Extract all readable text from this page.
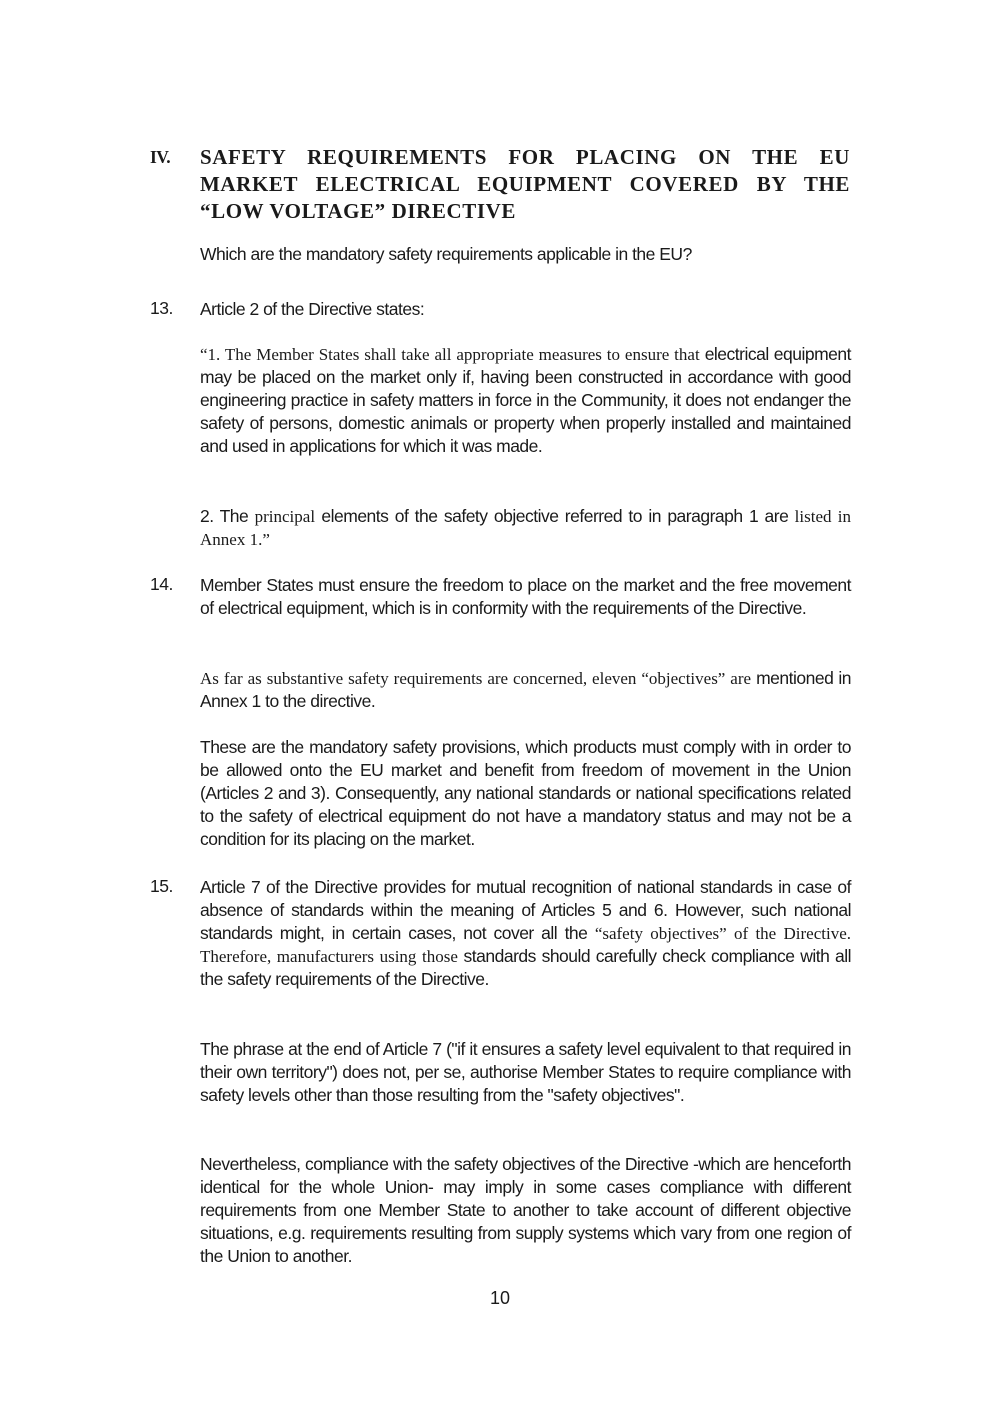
IV. SAFETY REQUIREMENTS FOR PLACING ON THE EU MARKET ELECTRICAL EQUIPMENT COVERED BY THE “LOW VOLTAGE” DIRECTIVE

Which are the mandatory safety requirements applicable in the EU?

13. Article 2 of the Directive states:

“1. The Member States shall take all appropriate measures to ensure that electrical equipment may be placed on the market only if, having been constructed in accordance with good engineering practice in safety matters in force in the Community, it does not endanger the safety of persons, domestic animals or property when properly installed and maintained and used in applications for which it was made.
2. The principal elements of the safety objective referred to in paragraph 1 are listed in Annex 1.”
14. Member States must ensure the freedom to place on the market and the free movement of electrical equipment, which is in conformity with the requirements of the Directive.

As far as substantive safety requirements are concerned, eleven “objectives” are mentioned in Annex 1 to the directive.

These are the mandatory safety provisions, which products must comply with in order to be allowed onto the EU market and benefit from freedom of movement in the Union (Articles 2 and 3). Consequently, any national standards or national specifications related to the safety of electrical equipment do not have a mandatory status and may not be a condition for its placing on the market.

15. Article 7 of the Directive provides for mutual recognition of national standards in case of absence of standards within the meaning of Articles 5 and 6. However, such national standards might, in certain cases, not cover all the “safety objectives” of the Directive. Therefore, manufacturers using those standards should carefully check compliance with all the safety requirements of the Directive.

The phrase at the end of Article 7 ("if it ensures a safety level equivalent to that required in their own territory") does not, per se, authorise Member States to require compliance with safety levels other than those resulting from the "safety objectives".

Nevertheless, compliance with the safety objectives of the Directive -which are henceforth identical for the whole Union- may imply in some cases compliance with different requirements from one Member State to another to take account of different objective situations, e.g. requirements resulting from supply systems which vary from one region of the Union to another.

10
